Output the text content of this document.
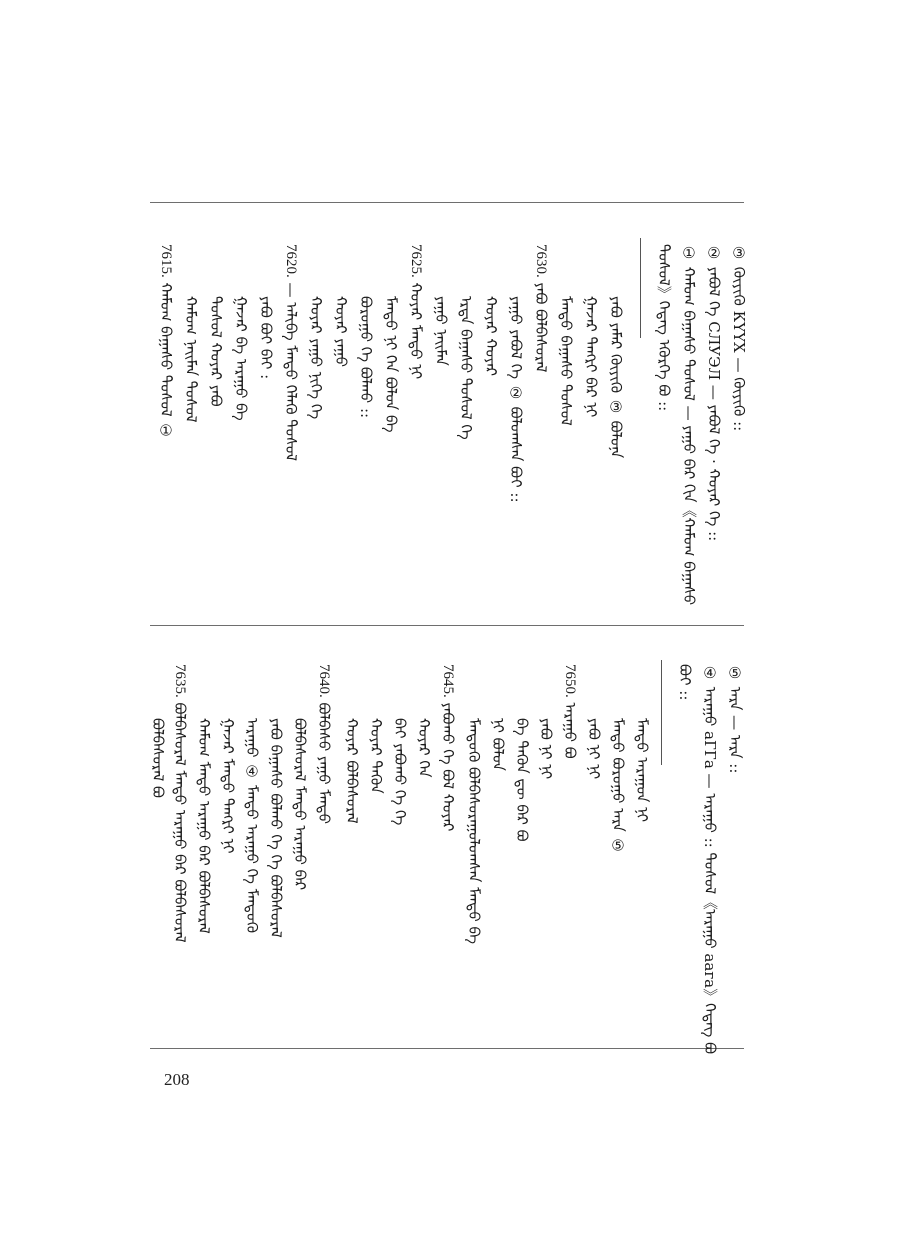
③ ᠬᠦᠶᠢᠬᠦ КҮҮХ — ᠬᠦᠶᠢᠬᠦ ::
② ᠶᠠᠪᠤᠯ ᠬᠡ СЛУЭЛ — ᠶᠠᠪᠤᠯ ᠬᠡ · ᠬᠣᠶᠠᠷ ᠬᠡ ::
① ᠬᠠᠮᠤᠭ ᠪᠠᠭᠠᠰᠤ ᠲᠤᠰᠤᠯ — ᠶᠠᠭᠤ ᠪᠠᠷ ᠬᠢᠨ《ᠬᠠᠮᠤᠭ ᠪᠠᠭᠠᠰᠤ
ᠲᠤᠰᠤᠯ》ᠭᠡᠳᠡᠭ ᠡᠭᠦᠷᠭᠡ ᠪᠣ ::
ᠶᠠᠪᠤ ᠶᠠᠮᠠᠷ ᠬᠦᠶᠢᠬᠦ ③ ᠪᠣᠯᠤᠨᠠ
ᠭᠠᠵᠠᠷ ᠲᠡᠩᠷᠢ ᠪᠠᠷ ᠨᠢ
ᠮᠡᠨᠳᠦ ᠪᠠᠭᠠᠰᠤ ᠲᠤᠰᠤᠯ
7630. ᠶᠠᠪᠤ ᠪᠣᠯᠪᠠᠰᠤᠷᠠᠯ
ᠶᠠᠭᠤ ᠶᠠᠪᠤᠯ ᠬᠡ ② ᠪᠣᠯᠣᠭᠰᠠᠨ ᠪᠤᠢ ::
ᠬᠣᠶᠠᠷ ᠬᠣᠶᠠᠷ
ᠡᠷᠲᠡ ᠪᠠᠭᠠᠰᠤ ᠲᠤᠰᠤᠯ ᠬᠡ
ᠶᠠᠭᠤ ᠨᠠᠢᠮᠠᠨ
7625. ᠬᠣᠶᠠᠷ ᠮᠡᠨᠳᠦ ᠨᠢ
ᠮᠡᠨᠳᠦ ᠨᠢ ᠬᠡᠨ ᠪᠣᠯᠤᠨ ᠪᠠ
ᠪᠤᠷᠣᠭᠤ ᠬᠡ ᠪᠣᠯᠬᠤ ::
ᠬᠣᠶᠠᠷ ᠶᠠᠭᠤ
ᠬᠣᠶᠠᠷ ᠶᠠᠭᠤ ᠨᠢᠭᠡ ᠬᠡ
7620. — ᠠᠯᠢᠪᠠ ᠮᠡᠨᠳᠦ ᠬᠡᠯᠡᠬᠦ ᠲᠤᠰᠤᠯ
ᠶᠠᠪᠤ ᠪᠤᠢ ᠪᠠᠢ :
ᠭᠠᠵᠠᠷ ᠪᠠ ᠠᠷᠠᠭᠤ ᠪᠠ
ᠲᠤᠰᠤᠯ ᠬᠣᠶᠠᠷ ᠶᠠᠪᠤ
ᠬᠠᠮᠤᠭ ᠨᠠᠢᠮᠠᠨ ᠲᠤᠰᠤᠯ
7615. ᠬᠠᠮᠤᠭ ᠪᠠᠭᠠᠰᠤ ᠲᠤᠰᠤᠯ ①
⑤ ᠠᠷᠠ — ᠠᠷᠠ ::
④ ᠠᠷᠠᠭᠤ аГГа — ᠠᠷᠠᠭᠤ :: ᠲᠤᠰᠤᠯ《ᠠᠷᠠᠭᠤ аага》ᠭᠡᠳᠡᠭ ᠪᠣ
ᠪᠤᠢ ::
ᠮᠡᠨᠳᠦ ᠠᠷᠠᠭᠤᠨ ᠨᠢ
ᠮᠡᠨᠳᠦ ᠪᠤᠷᠣᠭᠤ ᠠᠷᠠ ⑤
ᠶᠠᠪᠤ ᠨᠢ ᠨᠢ
7650. ᠠᠷᠠᠭᠤ ᠪᠣ
ᠶᠠᠪᠤ ᠨᠢ ᠨᠢ
ᠪᠠ ᠲᠡᠭᠦᠨ ᠳᠦ ᠪᠠᠷ ᠪᠣ
ᠨᠢ ᠪᠣᠯᠤᠨ
ᠮᠡᠨᠳᠦᠬᠦ ᠪᠣᠯᠪᠠᠰᠤᠷᠠᠭᠤᠯᠤᠭᠰᠠᠨ ᠮᠡᠨᠳᠦ ᠪᠠ
7645. ᠶᠠᠪᠤᠬᠤ ᠬᠡ ᠪᠣᠯ ᠬᠣᠶᠠᠷ
ᠬᠣᠶᠠᠷ ᠬᠡᠨ
ᠪᠠᠢ ᠶᠠᠪᠤᠬᠤ ᠬᠡ ᠬᠡ
ᠬᠣᠶᠠᠷ ᠲᠡᠭᠦᠨ
ᠬᠣᠶᠠᠷ ᠪᠣᠯᠪᠠᠰᠤᠷᠠᠯ
7640. ᠪᠣᠯᠪᠠᠰᠤ ᠶᠠᠭᠤ ᠮᠡᠨᠳᠦ
ᠪᠣᠯᠪᠠᠰᠤᠷᠠᠯ ᠮᠡᠨᠳᠦ ᠠᠷᠠᠭᠤ ᠪᠠᠷ
ᠶᠠᠪᠤ ᠪᠠᠭᠠᠰᠤ ᠪᠣᠯᠬᠤ ᠬᠡ ᠬᠡ ᠪᠣᠯᠪᠠᠰᠤᠷᠠᠯ
ᠠᠷᠠᠭᠤ ④ ᠮᠡᠨᠳᠦ ᠠᠷᠠᠭᠤ ᠬᠡ ᠮᠡᠨᠳᠦᠬᠦ
ᠭᠠᠵᠠᠷ ᠮᠡᠨᠳᠦ ᠲᠡᠩᠷᠢ ᠨᠢ
ᠬᠠᠮᠤᠭ ᠮᠡᠨᠳᠦ ᠠᠷᠠᠭᠤ ᠪᠠᠷ ᠪᠣᠯᠪᠠᠰᠤᠷᠠᠯ
7635. ᠪᠣᠯᠪᠠᠰᠤᠷᠠᠯ ᠮᠡᠨᠳᠦ ᠠᠷᠠᠭᠤ ᠪᠠᠷ ᠪᠣᠯᠪᠠᠰᠤᠷᠠᠯ
ᠪᠣᠯᠪᠠᠰᠤᠷᠠᠯ ᠪᠣ
208
